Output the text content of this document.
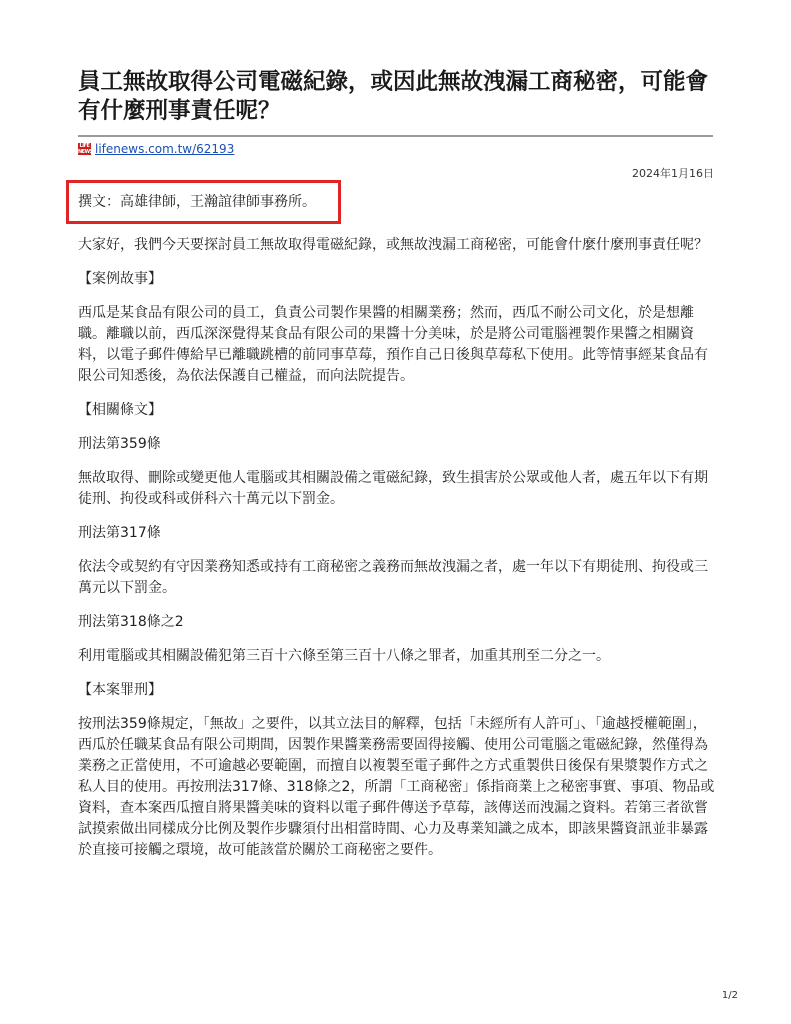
員工無故取得公司電磁紀錄，或因此無故洩漏工商秘密，可能會有什麼刑事責任呢？
LIFE NEWS lifenews.com.tw/62193
2024年1月16日
撰文：高雄律師，王瀚誼律師事務所。

大家好，我們今天要探討員工無故取得電磁紀錄，或無故洩漏工商秘密，可能會什麼什麼刑事責任呢？

【案例故事】

西瓜是某食品有限公司的員工，負責公司製作果醬的相關業務；然而，西瓜不耐公司文化，於是想離職。離職以前，西瓜深深覺得某食品有限公司的果醬十分美味，於是將公司電腦裡製作果醬之相關資料，以電子郵件傳給早已離職跳槽的前同事草莓，預作自己日後與草莓私下使用。此等情事經某食品有限公司知悉後，為依法保護自己權益，而向法院提告。

【相關條文】

刑法第359條

無故取得、刪除或變更他人電腦或其相關設備之電磁紀錄，致生損害於公眾或他人者，處五年以下有期徒刑、拘役或科或併科六十萬元以下罰金。

刑法第317條

依法令或契約有守因業務知悉或持有工商秘密之義務而無故洩漏之者，處一年以下有期徒刑、拘役或三萬元以下罰金。

刑法第318條之2

利用電腦或其相關設備犯第三百十六條至第三百十八條之罪者，加重其刑至二分之一。

【本案罪刑】

按刑法359條規定，「無故」之要件，以其立法目的解釋，包括「未經所有人許可」、「逾越授權範圍」，西瓜於任職某食品有限公司期間，因製作果醬業務需要固得接觸、使用公司電腦之電磁紀錄，然僅得為業務之正當使用，不可逾越必要範圍，而擅自以複製至電子郵件之方式重製供日後保有果漿製作方式之私人目的使用。再按刑法317條、318條之2，所謂「工商秘密」係指商業上之秘密事實、事項、物品或資料，查本案西瓜擅自將果醬美味的資料以電子郵件傳送予草莓，該傳送而洩漏之資料。若第三者欲嘗試摸索做出同樣成分比例及製作步驟須付出相當時間、心力及專業知識之成本，即該果醬資訊並非暴露於直接可接觸之環境，故可能該當於關於工商秘密之要件。

1/2
